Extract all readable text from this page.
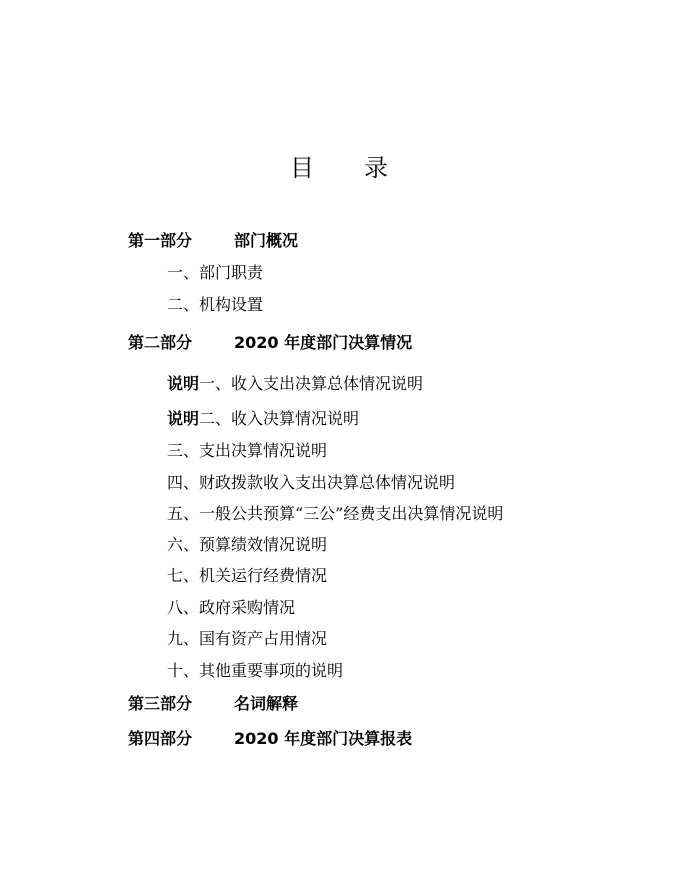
目 录
第一部分	部门概况
一、部门职责
二、机构设置
第二部分	2020 年度部门决算情况
说明一、收入支出决算总体情况说明
说明二、收入决算情况说明
三、支出决算情况说明
四、财政拨款收入支出决算总体情况说明
五、一般公共预算“三公”经费支出决算情况说明
六、预算绩效情况说明
七、机关运行经费情况
八、政府采购情况
九、国有资产占用情况
十、其他重要事项的说明
第三部分	名词解释
第四部分	2020 年度部门决算报表
